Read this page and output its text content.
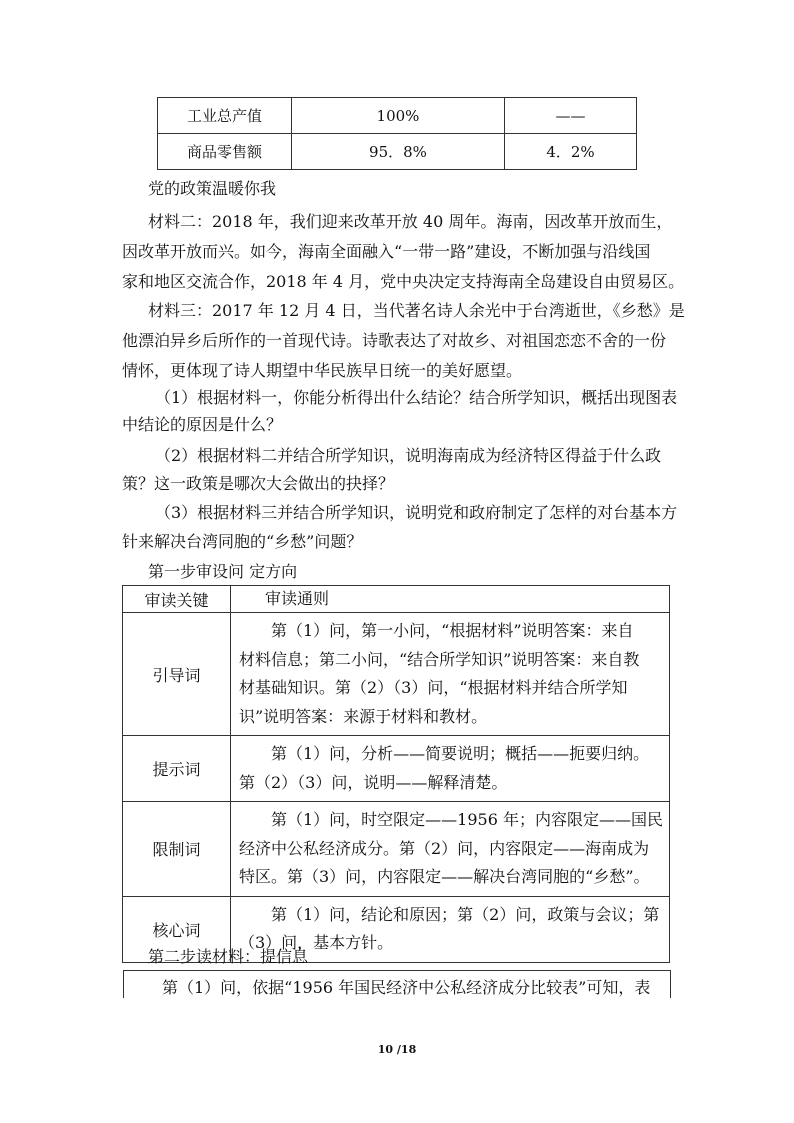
工业总产值	100%	——
商品零售额	95．8%	4．2%
党的政策温暖你我
材料二：2018 年，我们迎来改革开放 40 周年。海南，因改革开放而生，
因改革开放而兴。如今，海南全面融入“一带一路”建设，不断加强与沿线国
家和地区交流合作，2018 年 4 月，党中央决定支持海南全岛建设自由贸易区。
材料三：2017 年 12 月 4 日，当代著名诗人余光中于台湾逝世，《乡愁》是
他漂泊异乡后所作的一首现代诗。诗歌表达了对故乡、对祖国恋恋不舍的一份
情怀，更体现了诗人期望中华民族早日统一的美好愿望。
（1）根据材料一，你能分析得出什么结论？结合所学知识，概括出现图表
中结论的原因是什么？
（2）根据材料二并结合所学知识，说明海南成为经济特区得益于什么政
策？这一政策是哪次大会做出的抉择？
（3）根据材料三并结合所学知识，说明党和政府制定了怎样的对台基本方
针来解决台湾同胞的“乡愁”问题？
第一步审设问 定方向
审读关键	审读通则
引导词	第（1）问，第一小问，“根据材料”说明答案：来自
材料信息；第二小问，“结合所学知识”说明答案：来自教
材基础知识。第（2）（3）问，“根据材料并结合所学知
识”说明答案：来源于材料和教材。

提示词	第（1）问，分析——简要说明；概括——扼要归纳。
第（2）（3）问，说明——解释清楚。

限制词	第（1）问，时空限定——1956 年；内容限定——国民
经济中公私经济成分。第（2）问，内容限定——海南成为
特区。第（3）问，内容限定——解决台湾同胞的“乡愁”。

核心词	第（1）问，结论和原因；第（2）问，政策与会议；第
（3）问，基本方针。
第二步读材料：提信息
第（1）问，依据“1956 年国民经济中公私经济成分比较表”可知，表
10 /18
